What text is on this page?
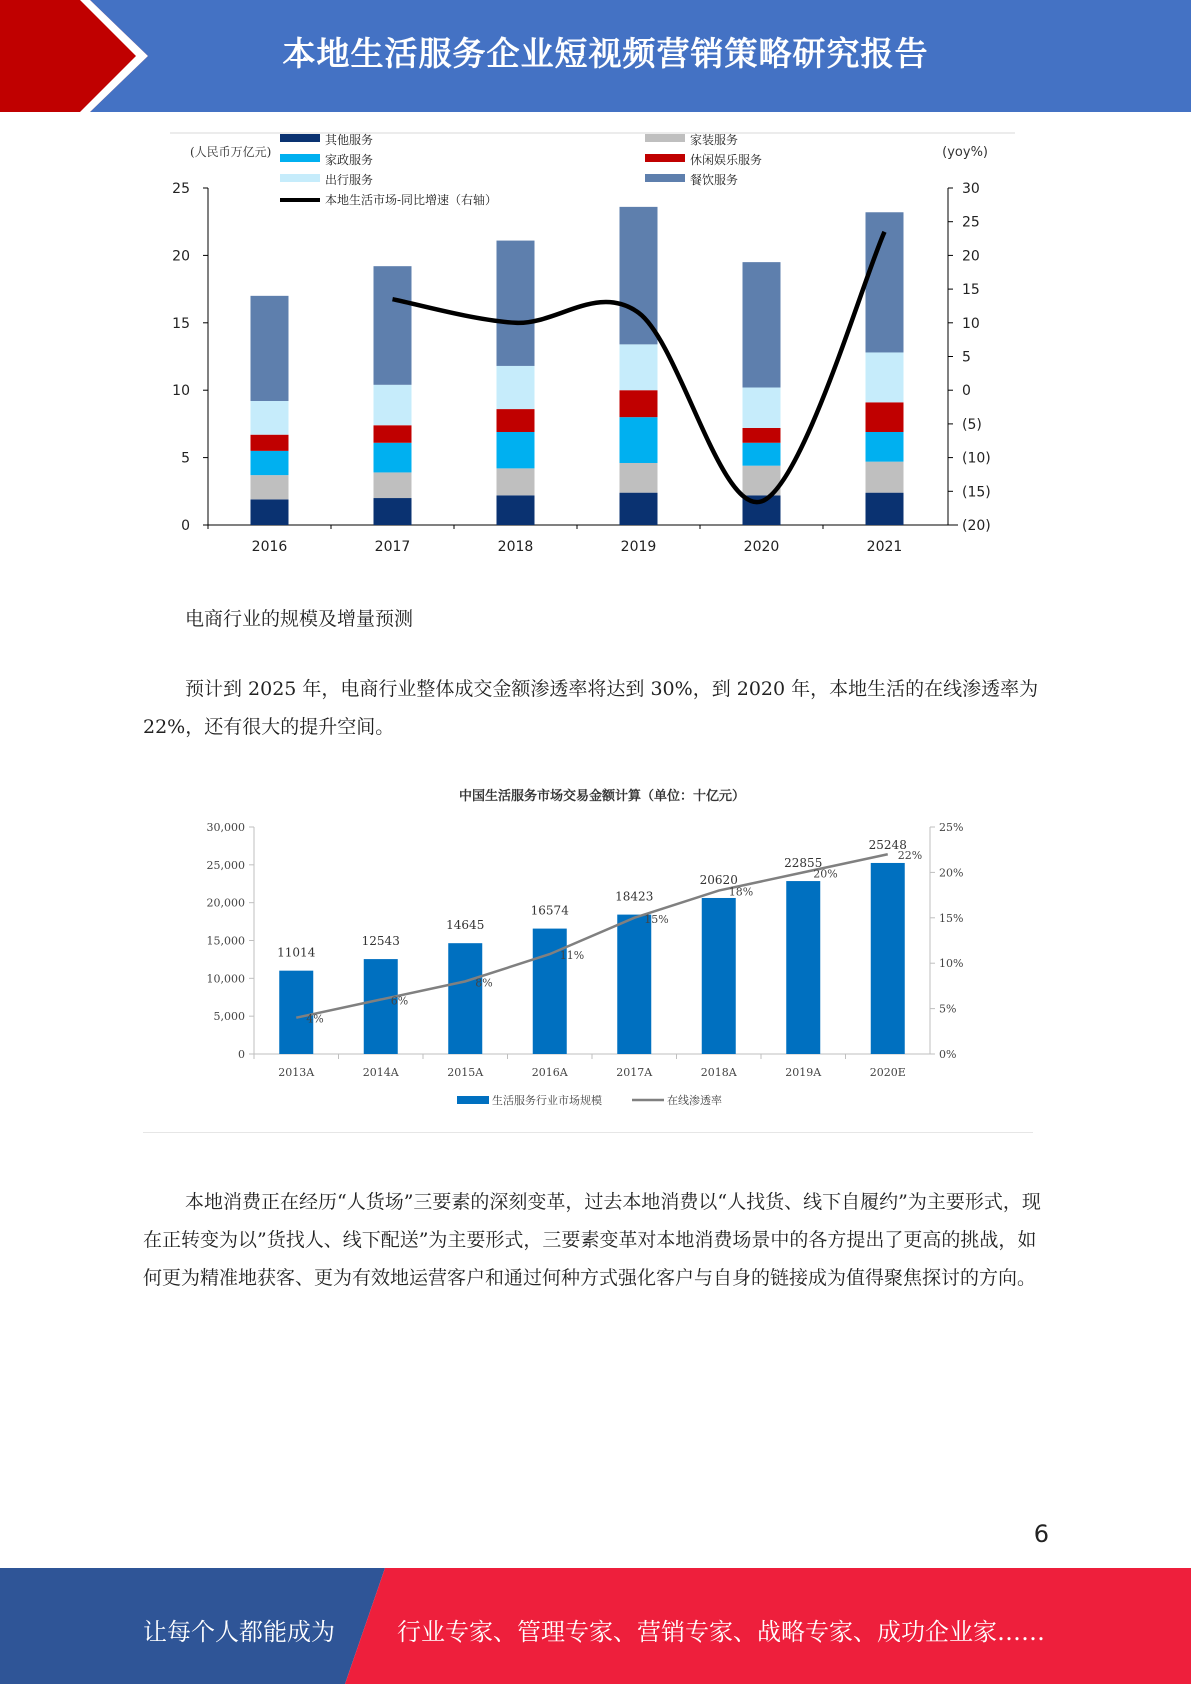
本地生活服务企业短视频营销策略研究报告
(人民币万亿元)	(yoy%)
其他服务
家政服务
出行服务
家装服务
休闲娱乐服务
餐饮服务
本地生活市场-同比增速（右轴）
0
5
10
15
20
25	30
25
20
15
10
5
0
(5)
(10)
(15)
(20)
2016	2017	2018	2019	2020	2021

电商行业的规模及增量预测

预计到 2025 年，电商行业整体成交金额渗透率将达到 30%，到 2020 年，本地生活的在线渗透率为 22%，还有很大的提升空间。

中国生活服务市场交易金额计算（单位：十亿元）
0
5,000
10,000
15,000
20,000
25,000
30,000
0%
5%
10%
15%
20%
25%
2013A	2014A	2015A	2016A	2017A	2018A	2019A	2020E
11014
12543
14645
16574
18423
20620
22855
25248
4%
6%
8%
11%
15%
18%
20%
22%
生活服务行业市场规模	在线渗透率

本地消费正在经历“人货场”三要素的深刻变革，过去本地消费以“人找货、线下自履约”为主要形式，现在正转变为以”货找人、线下配送”为主要形式，三要素变革对本地消费场景中的各方提出了更高的挑战，如何更为精准地获客、更为有效地运营客户和通过何种方式强化客户与自身的链接成为值得聚焦探讨的方向。

6
让每个人都能成为	行业专家、管理专家、营销专家、战略专家、成功企业家……
